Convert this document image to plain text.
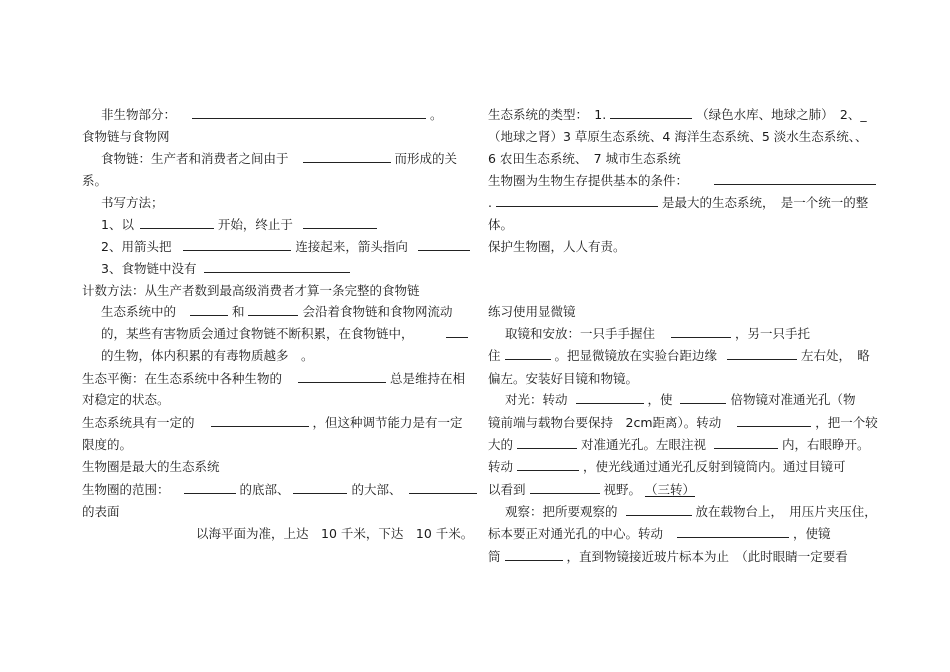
非生物部分：	。
食物链与食物网
食物链：生产者和消费者之间由于	而形成的关
系。
书写方法；
1、以	开始，终止于
2、用箭头把	连接起来，箭头指向
3、食物链中没有
计数方法：从生产者数到最高级消费者才算一条完整的食物链
生态系统中的	和	会沿着食物链和食物网流动
的，某些有害物质会通过食物链不断积累，在食物链中，
的生物，体内积累的有毒物质越多　。
生态平衡：在生态系统中各种生物的	总是维持在相
对稳定的状态。
生态系统具有一定的	，但这种调节能力是有一定
限度的。
生物圈是最大的生态系统
生物圈的范围：	的底部、	的大部、
的表面
以海平面为准，上达　10 千米，下达　10 千米。
生态系统的类型：　1.	（绿色水库、地球之肺）　2、_
（地球之肾）3 草原生态系统、4 海洋生态系统、5 淡水生态系统、、
6 农田生态系统、　7 城市生态系统
生物圈为生物生存提供基本的条件：
.	是最大的生态系统，　是一个统一的整
体。
保护生物圈，人人有责。
练习使用显微镜
取镜和安放：一只手手握住	，另一只手托
住	。把显微镜放在实验台距边缘	左右处，　略
偏左。安装好目镜和物镜。
对光：转动	，使	倍物镜对准通光孔（物
镜前端与载物台要保持　2cm距离）。转动	，把一个较
大的	对准通光孔。左眼注视	内，右眼睁开。
转动	，使光线通过通光孔反射到镜筒内。通过目镜可
以看到	视野。 （三转）
观察：把所要观察的	放在载物台上，　用压片夹压住，
标本要正对通光孔的中心。转动	，使镜
筒	，直到物镜接近玻片标本为止　（此时眼睛一定要看
